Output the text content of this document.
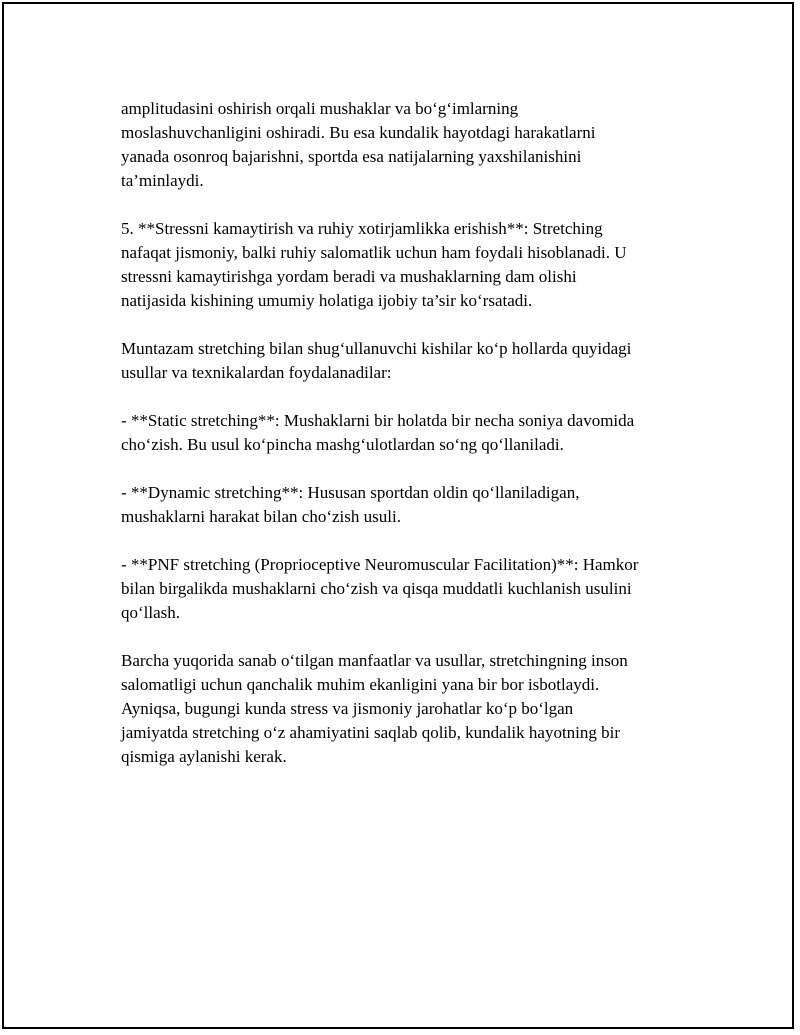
amplitudasini oshirish orqali mushaklar va bo‘g‘imlarning
moslashuvchanligini oshiradi. Bu esa kundalik hayotdagi harakatlarni
yanada osonroq bajarishni, sportda esa natijalarning yaxshilanishini
ta’minlaydi.

5. **Stressni kamaytirish va ruhiy xotirjamlikka erishish**: Stretching
nafaqat jismoniy, balki ruhiy salomatlik uchun ham foydali hisoblanadi. U
stressni kamaytirishga yordam beradi va mushaklarning dam olishi
natijasida kishining umumiy holatiga ijobiy ta’sir ko‘rsatadi.

Muntazam stretching bilan shug‘ullanuvchi kishilar ko‘p hollarda quyidagi
usullar va texnikalardan foydalanadilar:

- **Static stretching**: Mushaklarni bir holatda bir necha soniya davomida
cho‘zish. Bu usul ko‘pincha mashg‘ulotlardan so‘ng qo‘llaniladi.

- **Dynamic stretching**: Hususan sportdan oldin qo‘llaniladigan,
mushaklarni harakat bilan cho‘zish usuli.

- **PNF stretching (Proprioceptive Neuromuscular Facilitation)**: Hamkor
bilan birgalikda mushaklarni cho‘zish va qisqa muddatli kuchlanish usulini
qo‘llash.

Barcha yuqorida sanab o‘tilgan manfaatlar va usullar, stretchingning inson
salomatligi uchun qanchalik muhim ekanligini yana bir bor isbotlaydi.
Ayniqsa, bugungi kunda stress va jismoniy jarohatlar ko‘p bo‘lgan
jamiyatda stretching o‘z ahamiyatini saqlab qolib, kundalik hayotning bir
qismiga aylanishi kerak.
